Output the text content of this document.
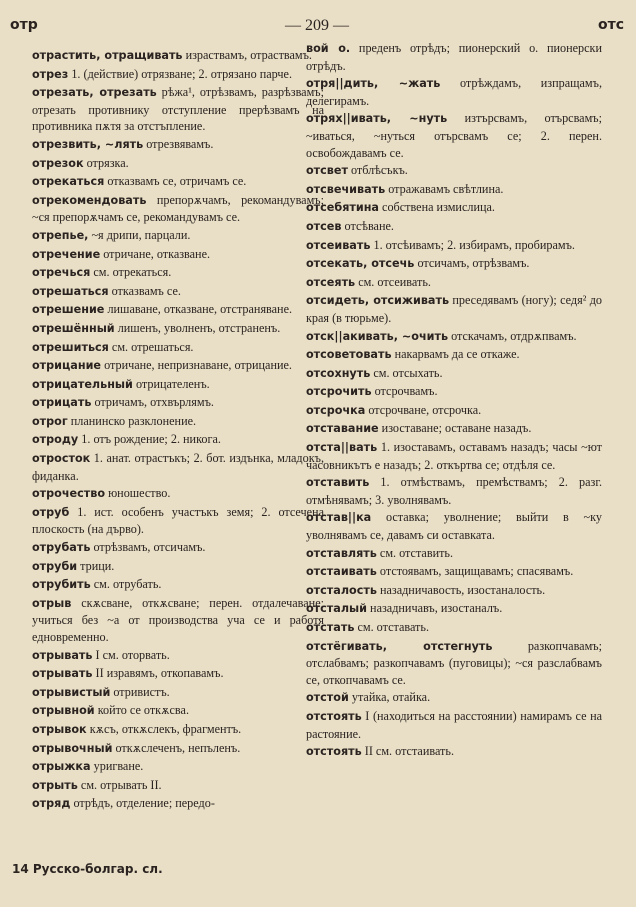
отр	— 209 —	отс
отрастить, отращивать израствамъ, отраствамъ.
отрез 1. (действие) отрязване; 2. отрязано парче.
отрезать, отрезать рѣжа¹, отрѣзвамъ, разрѣзвамъ; отрезать противнику отступление прерѣзвамъ на противника пѫтя за отстъпление.
отрезвить, ~лять отрезвявамъ.
отрезок отрязка.
отрекаться отказвамъ се, отричамъ се.
отрекомендовать препорѫчамъ, рекомандувамъ; ~ся препорѫчамъ се, рекомандувамъ се.
отрепье, ~я дрипи, парцали.
отречение отричане, отказване.
отречься см. отрекаться.
отрешаться отказвамъ се.
отрешение лишаване, отказване, отстраняване.
отрешённый лишенъ, уволненъ, отстраненъ.
отрешиться см. отрешаться.
отрицание отричане, непризнаване, отрицание.
отрицательный отрицателенъ.
отрицать отричамъ, отхвърлямъ.
отрог планинско разклонение.
отроду 1. отъ рождение; 2. никога.
отросток 1. анат. отрастъкъ; 2. бот. издънка, младокъ, фиданка.
отрочество юношество.
отруб 1. ист. особенъ участъкъ земя; 2. отсечена плоскость (на дърво).
отрубать отрѣзвамъ, отсичамъ.
отруби трици.
отрубить см. отрубать.
отрыв скѫсване, откѫсване; перен. отдалечаване; учиться без ~а от производства уча се и работя едновременно.
отрывать I см. оторвать.
отрывать II изравямъ, откопавамъ.
отрывистый отривистъ.
отрывной който се откѫсва.
отрывок кѫсъ, откѫслекъ, фрагментъ.
отрывочный откѫслеченъ, непъленъ.
отрыжка уригване.
отрыть см. отрывать II.
отряд отрѣдъ, отделение; передо-
вой о. преденъ отрѣдъ; пионерский о. пионерски отрѣдъ.
отря||дить, ~жать отрѣждамъ, изпращамъ, делегирамъ.
отрях||ивать, ~нуть изтърсвамъ, отърсвамъ; ~иваться, ~нуться отърсвамъ се; 2. перен. освобождавамъ се.
отсвет отблѣсъкъ.
отсвечивать отражавамъ свѣтлина.
отсебятина собствена измислица.
отсев отсѣване.
отсеивать 1. отсѣивамъ; 2. избирамъ, пробирамъ.
отсекать, отсечь отсичамъ, отрѣзвамъ.
отсеять см. отсеивать.
отсидеть, отсиживать преседявамъ (ногу); седя² до края (в тюрьме).
отск||акивать, ~очить отскачамъ, отдрѫпвамъ.
отсоветовать накарвамъ да се откаже.
отсохнуть см. отсыхать.
отсрочить отсрочвамъ.
отсрочка отсрочване, отсрочка.
отставание изоставане; оставане назадъ.
отста||вать 1. изоставамъ, оставамъ назадъ; часы ~ют часовникътъ е назадъ; 2. откъртва се; отдѣля се.
отставить 1. отмѣствамъ, премѣствамъ; 2. разг. отмѣнявамъ; 3. уволнявамъ.
отстав||ка оставка; уволнение; выйти в ~ку уволнявамъ се, давамъ си оставката.
отставлять см. отставить.
отстаивать отстоявамъ, защищавамъ; спасявамъ.
отсталость назадничавость, изостаналость.
отсталый назадничавъ, изостаналъ.
отстать см. отставать.
отстёгивать, отстегнуть разкопчавамъ; отслабвамъ; разкопчавамъ (пуговицы); ~ся разслабвамъ се, откопчавамъ се.
отстой утайка, отайка.
отстоять I (находиться на расстоянии) намирамъ се на растояние.
отстоять II см. отстаивать.
14 Русско-болгар. сл.
